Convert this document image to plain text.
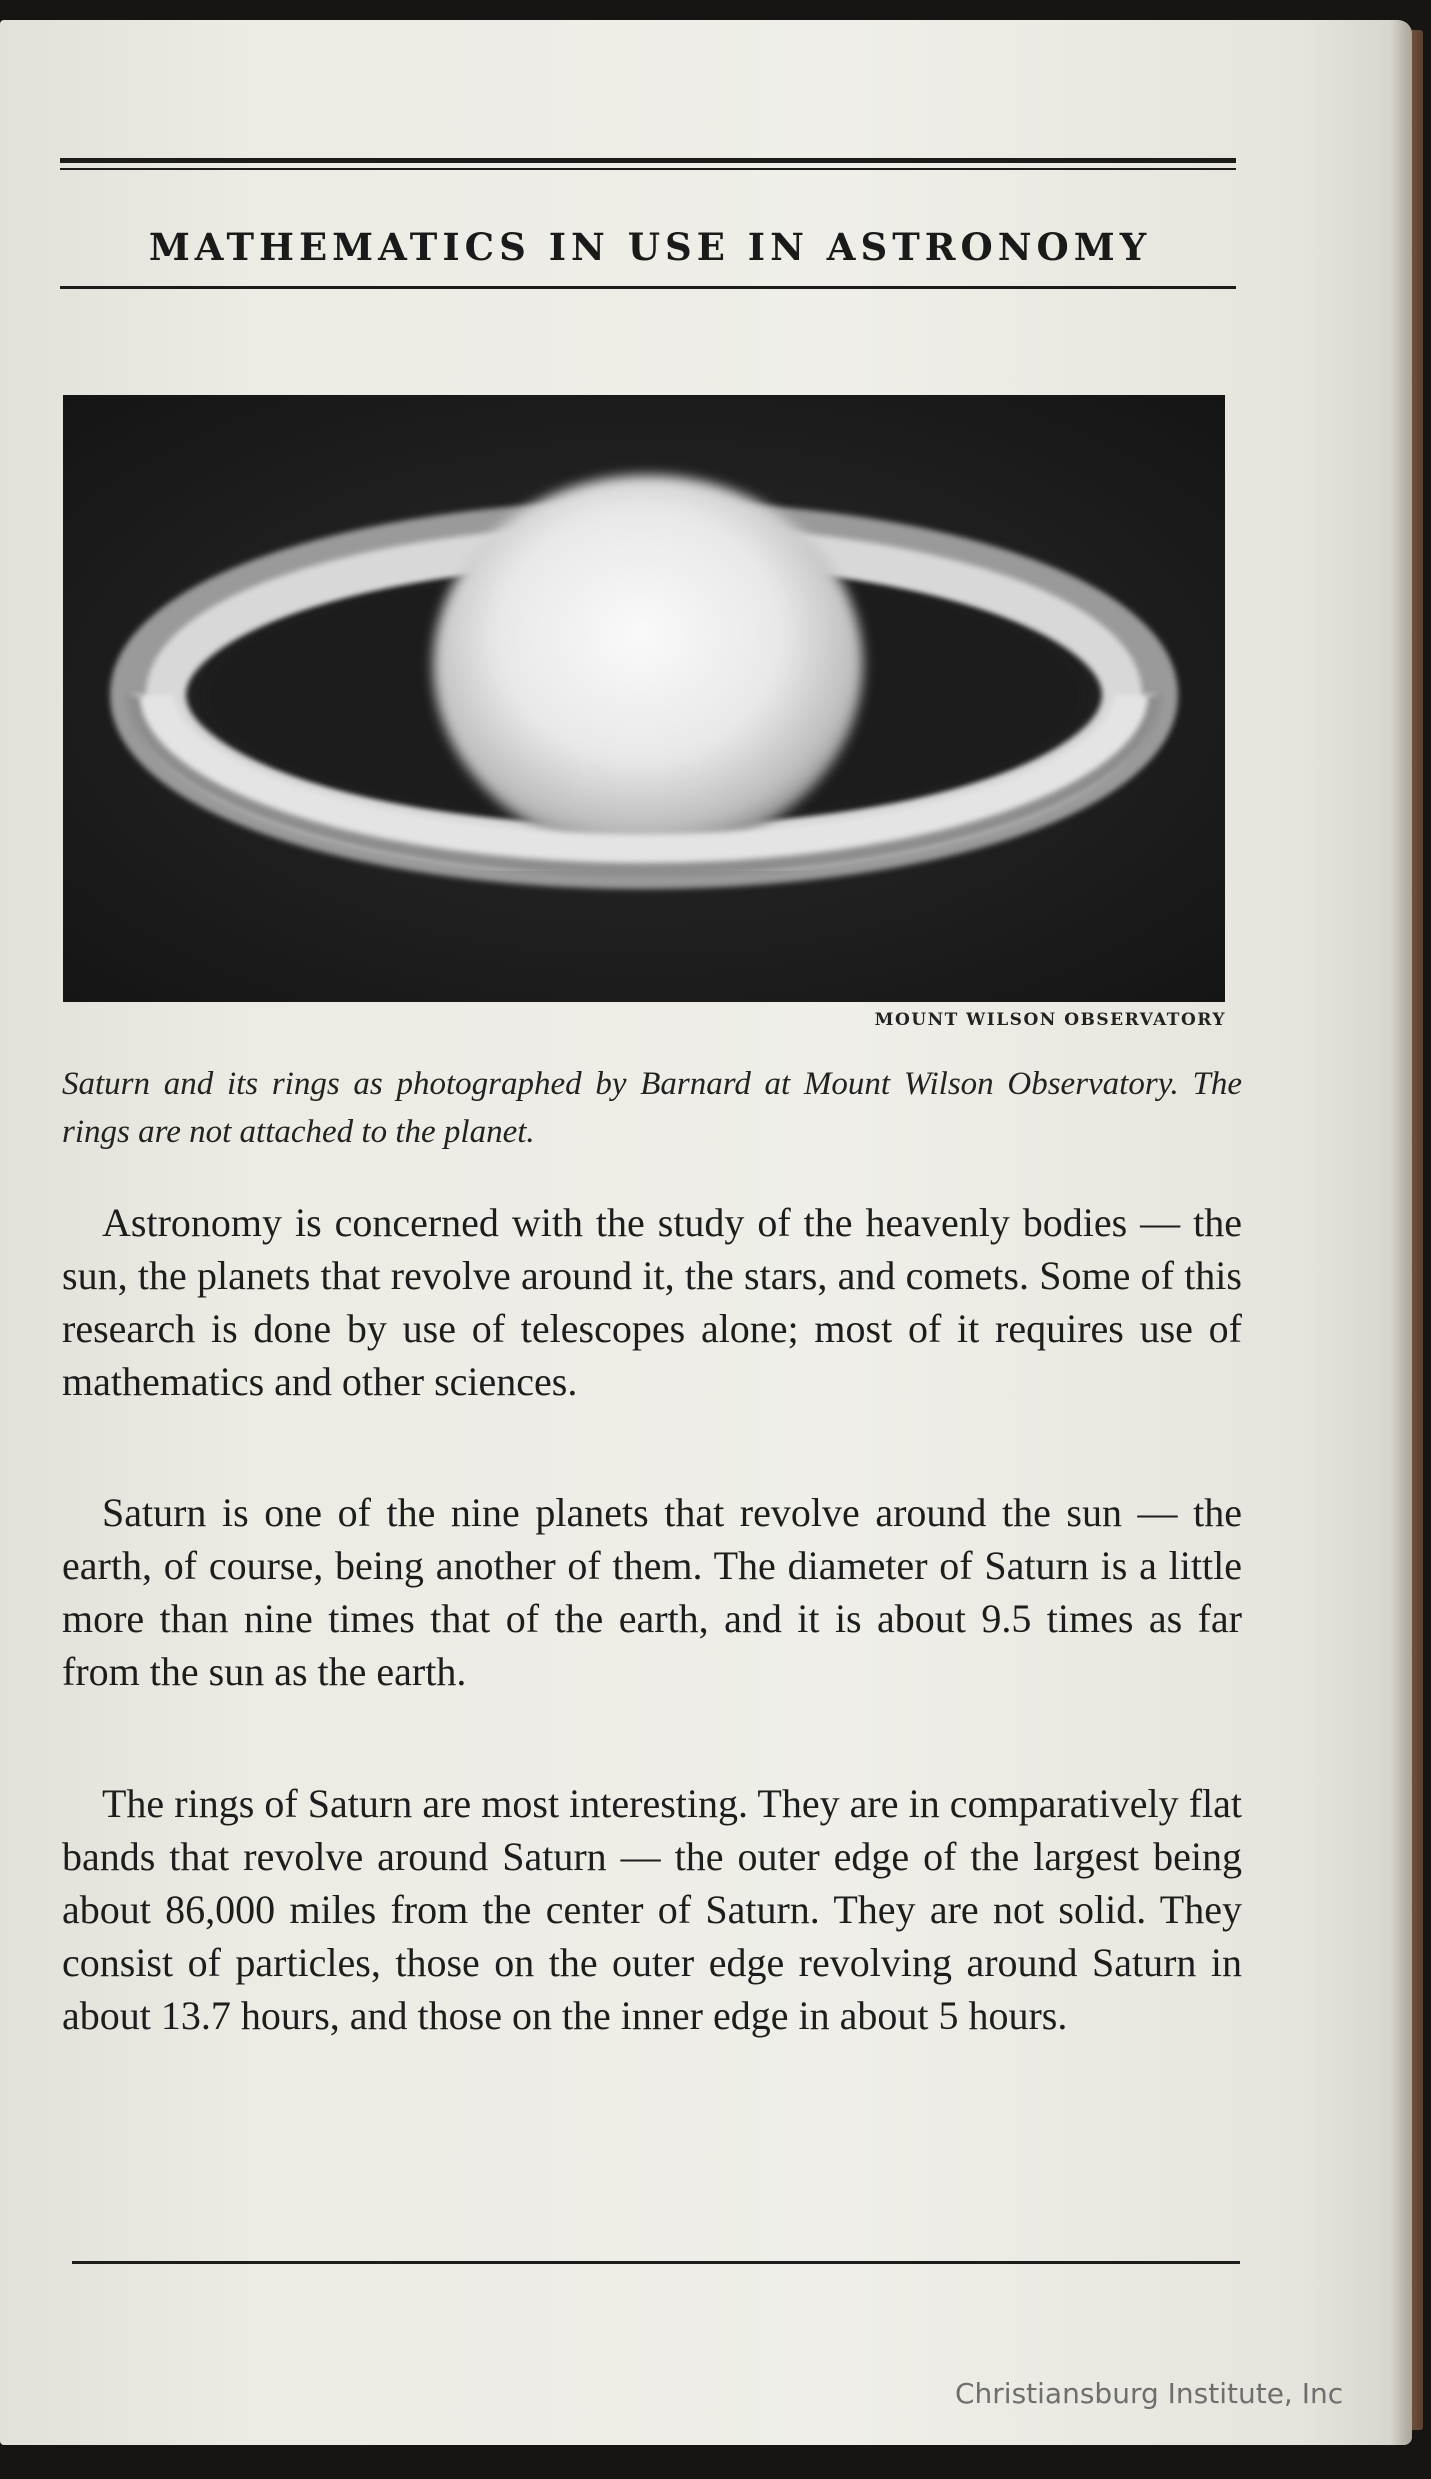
MATHEMATICS IN USE IN ASTRONOMY
MOUNT WILSON OBSERVATORY
Saturn and its rings as photographed by Barnard at Mount Wilson Observatory. The rings are not attached to the planet.

Astronomy is concerned with the study of the heavenly bodies — the sun, the planets that revolve around it, the stars, and comets. Some of this research is done by use of telescopes alone; most of it requires use of mathematics and other sciences.

Saturn is one of the nine planets that revolve around the sun — the earth, of course, being another of them. The diameter of Saturn is a little more than nine times that of the earth, and it is about 9.5 times as far from the sun as the earth.

The rings of Saturn are most interesting. They are in comparatively flat bands that revolve around Saturn — the outer edge of the largest being about 86,000 miles from the center of Saturn. They are not solid. They consist of particles, those on the outer edge revolving around Saturn in about 13.7 hours, and those on the inner edge in about 5 hours.

Christiansburg Institute, Inc
